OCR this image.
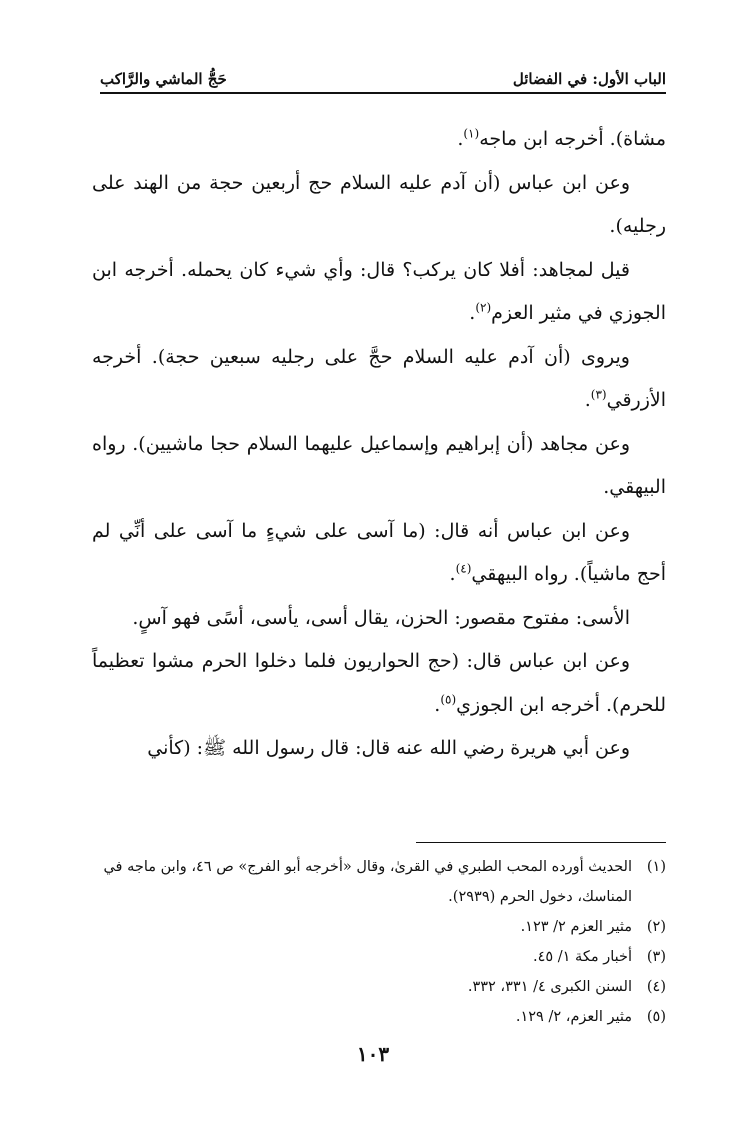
الباب الأول: في الفضائل
حَجُّ الماشي والرَّاكب

مشاة). أخرجه ابن ماجه$^{(١)}$.

وعن ابن عباس (أن آدم عليه السلام حج أربعين حجة من الهند على رجليه).

قيل لمجاهد: أفلا كان يركب؟ قال: وأي شيء كان يحمله. أخرجه ابن الجوزي في مثير العزم$^{(٢)}$.

ويروى (أن آدم عليه السلام حجَّ على رجليه سبعين حجة). أخرجه الأزرقي$^{(٣)}$.

وعن مجاهد (أن إبراهيم وإسماعيل عليهما السلام حجا ماشيين). رواه البيهقي.

وعن ابن عباس أنه قال: (ما آسى على شيءٍ ما آسى على أنِّي لم أحج ماشياً). رواه البيهقي$^{(٤)}$.

الأسى: مفتوح مقصور: الحزن، يقال أسى، يأسى، أسًى فهو آسٍ.

وعن ابن عباس قال: (حج الحواريون فلما دخلوا الحرم مشوا تعظيماً للحرم). أخرجه ابن الجوزي$^{(٥)}$.

وعن أبي هريرة رضي الله عنه قال: قال رسول الله ﷺ: (كأني

(١)
الحديث أورده المحب الطبري في القرىٰ، وقال «أخرجه أبو الفرج» ص ٤٦، وابن ماجه في المناسك، دخول الحرم (٢٩٣٩).
(٢)
مثير العزم ٢/ ١٢٣.
(٣)
أخبار مكة ١/ ٤٥.
(٤)
السنن الكبرى ٤/ ٣٣١، ٣٣٢.
(٥)
مثير العزم، ٢/ ١٢٩.
١٠٣
